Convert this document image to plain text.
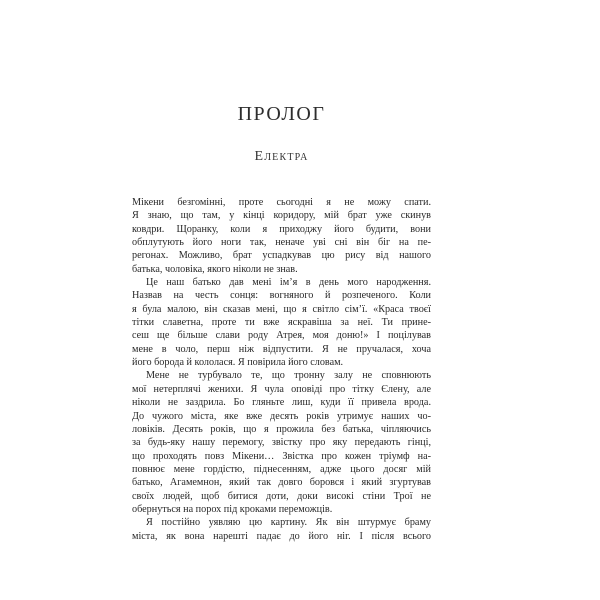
ПРОЛОГ
Електра
Мікени безгомінні, проте сьогодні я не можу спати.
Я знаю, що там, у кінці коридору, мій брат уже скинув
ковдри. Щоранку, коли я приходжу його будити, вони
обплутують його ноги так, неначе уві сні він біг на пе-
регонах. Можливо, брат успадкував цю рису від нашого
батька, чоловіка, якого ніколи не знав.
Це наш батько дав мені ім’я в день мого народження.
Назвав на честь сонця: вогняного й розпеченого. Коли
я була малою, він сказав мені, що я світло сім’ї. «Краса твоєї
тітки славетна, проте ти вже яскравіша за неї. Ти прине-
сеш ще більше слави роду Атрея, моя доню!» І поцілував
мене в чоло, перш ніж відпустити. Я не пручалася, хоча
його борода й кололася. Я повірила його словам.
Мене не турбувало те, що тронну залу не сповнюють
мої нетерплячі женихи. Я чула оповіді про тітку Єлену, але
ніколи не заздрила. Бо гляньте лиш, куди її привела врода.
До чужого міста, яке вже десять років утримує наших чо-
ловіків. Десять років, що я прожила без батька, чіпляючись
за будь-яку нашу перемогу, звістку про яку передають гінці,
що проходять повз Мікени… Звістка про кожен тріумф на-
повнює мене гордістю, піднесенням, адже цього досяг мій
батько, Агамемнон, який так довго боровся і який згуртував
своїх людей, щоб битися доти, доки високі стіни Трої не
обернуться на порох під кроками переможців.
Я постійно уявляю цю картину. Як він штурмує браму
міста, як вона нарешті падає до його ніг. І після всього
